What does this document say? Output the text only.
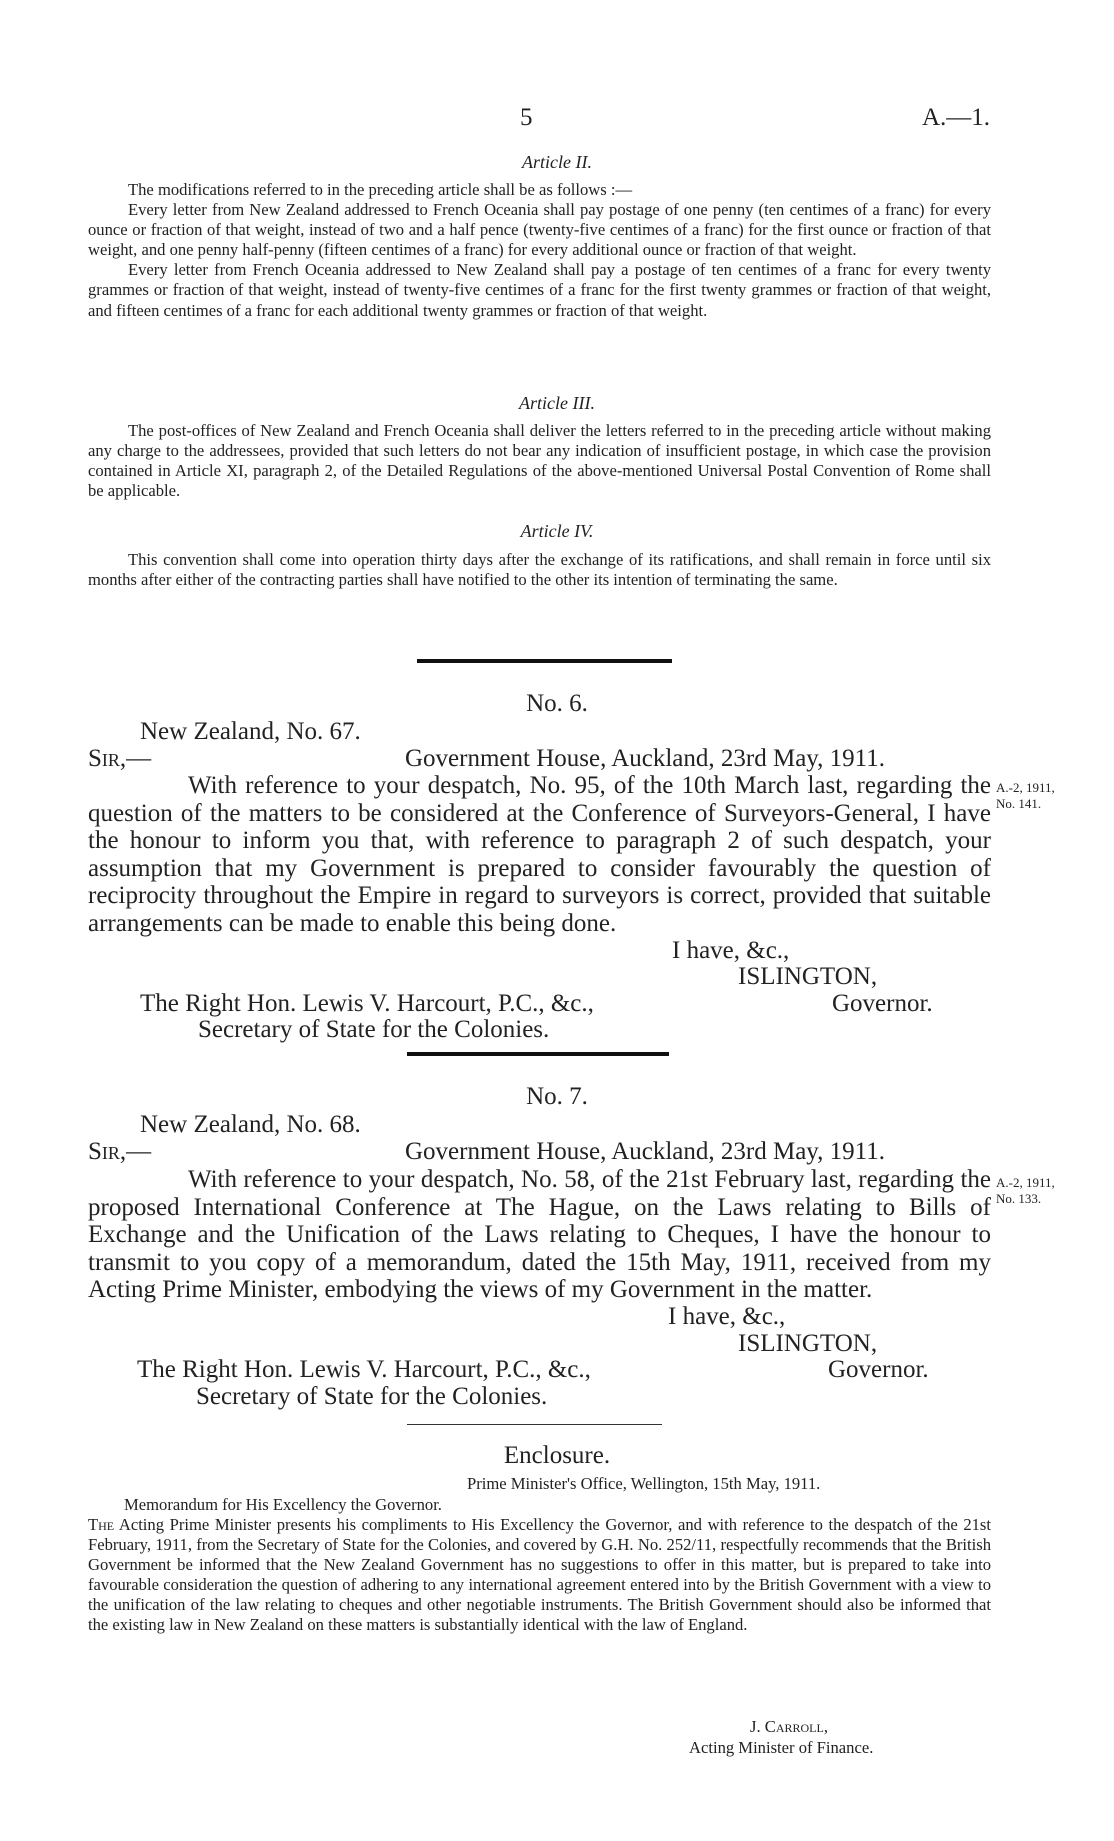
5	A.—1.
Article II.

The modifications referred to in the preceding article shall be as follows :—

Every letter from New Zealand addressed to French Oceania shall pay postage of one penny (ten centimes of a franc) for every ounce or fraction of that weight, instead of two and a half pence (twenty-five centimes of a franc) for the first ounce or fraction of that weight, and one penny half-penny (fifteen centimes of a franc) for every additional ounce or fraction of that weight.

Every letter from French Oceania addressed to New Zealand shall pay a postage of ten centimes of a franc for every twenty grammes or fraction of that weight, instead of twenty-five centimes of a franc for the first twenty grammes or fraction of that weight, and fifteen centimes of a franc for each additional twenty grammes or fraction of that weight.

Article III.

The post-offices of New Zealand and French Oceania shall deliver the letters referred to in the preceding article without making any charge to the addressees, provided that such letters do not bear any indication of insufficient postage, in which case the provision contained in Article XI, paragraph 2, of the Detailed Regulations of the above-mentioned Universal Postal Convention of Rome shall be applicable.

Article IV.

This convention shall come into operation thirty days after the exchange of its ratifications, and shall remain in force until six months after either of the contracting parties shall have notified to the other its intention of terminating the same.

No. 6.
New Zealand, No. 67.
Sir,—	Government House, Auckland, 23rd May, 1911.

With reference to your despatch, No. 95, of the 10th March last, regarding the question of the matters to be considered at the Conference of Surveyors-General, I have the honour to inform you that, with reference to paragraph 2 of such despatch, your assumption that my Government is prepared to consider favourably the question of reciprocity throughout the Empire in regard to surveyors is correct, provided that suitable arrangements can be made to enable this being done.

A.-2, 1911,
No. 141.
I have, &c.,
ISLINGTON,
The Right Hon. Lewis V. Harcourt, P.C., &c.,	Governor.
Secretary of State for the Colonies.
No. 7.
New Zealand, No. 68.
Sir,—	Government House, Auckland, 23rd May, 1911.

With reference to your despatch, No. 58, of the 21st February last, regarding the proposed International Conference at The Hague, on the Laws relating to Bills of Exchange and the Unification of the Laws relating to Cheques, I have the honour to transmit to you copy of a memorandum, dated the 15th May, 1911, received from my Acting Prime Minister, embodying the views of my Government in the matter.

A.-2, 1911,
No. 133.
I have, &c.,
ISLINGTON,
The Right Hon. Lewis V. Harcourt, P.C., &c.,	Governor.
Secretary of State for the Colonies.
Enclosure.
Prime Minister's Office, Wellington, 15th May, 1911.
Memorandum for His Excellency the Governor.

The Acting Prime Minister presents his compliments to His Excellency the Governor, and with reference to the despatch of the 21st February, 1911, from the Secretary of State for the Colonies, and covered by G.H. No. 252/11, respectfully recommends that the British Government be informed that the New Zealand Government has no suggestions to offer in this matter, but is prepared to take into favourable consideration the question of adhering to any international agreement entered into by the British Government with a view to the unification of the law relating to cheques and other negotiable instruments. The British Government should also be informed that the existing law in New Zealand on these matters is substantially identical with the law of England.

J. Carroll,
Acting Minister of Finance.
